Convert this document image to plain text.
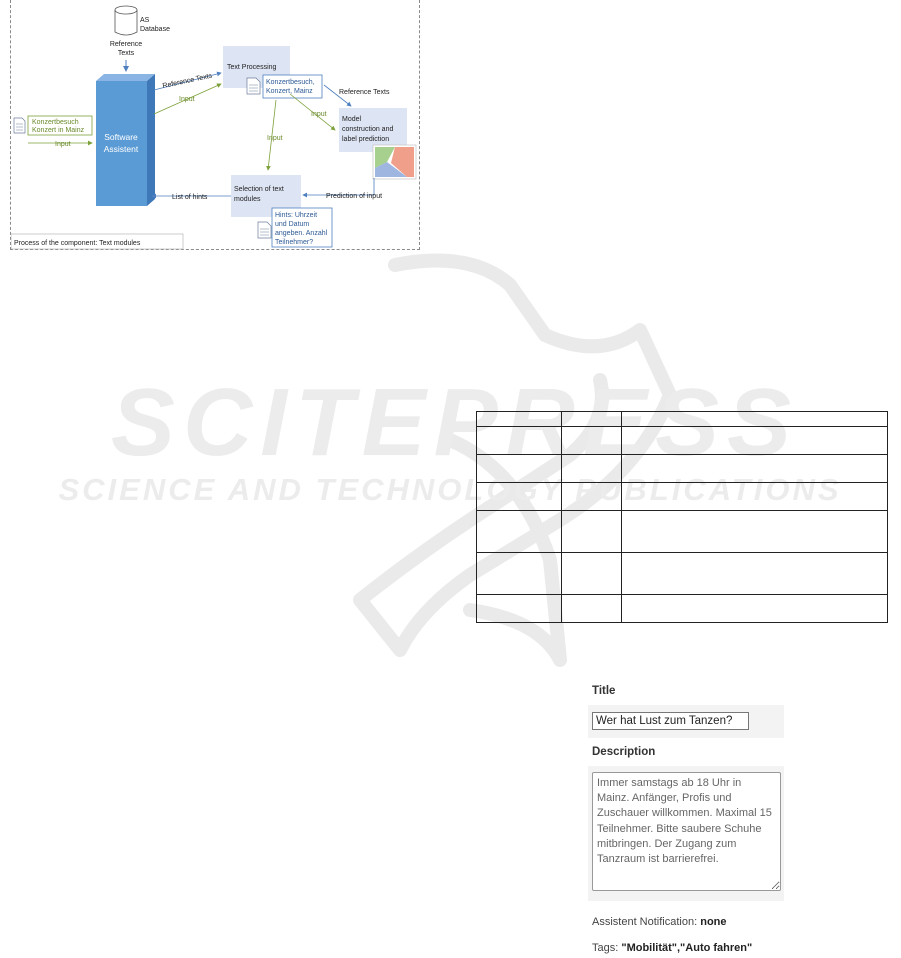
SCITEPRESS
SCIENCE AND TECHNOLOGY PUBLICATIONS
AS
Database
Reference
Texts
Software
Assistent
Konzertbesuch
Konzert in Mainz
Input
Reference Texts
Input
Text Processing
Konzertbesuch,
Konzert, Mainz	Reference Texts
Input
Input
Model
construction and
label prediction
Selection of text
modules	Prediction of input
List of hints
Hints: Uhrzeit
und Datum
angeben. Anzahl
Teilnehmer?
Process of the component: Text modules

Title
Wer hat Lust zum Tanzen?
Description
Immer samstags ab 18 Uhr in Mainz. Anfänger, Profis und Zuschauer willkommen. Maximal 15 Teilnehmer. Bitte saubere Schuhe mitbringen. Der Zugang zum Tanzraum ist barrierefrei.
Assistent Notification: none
Tags: "Mobilität","Auto fahren"
